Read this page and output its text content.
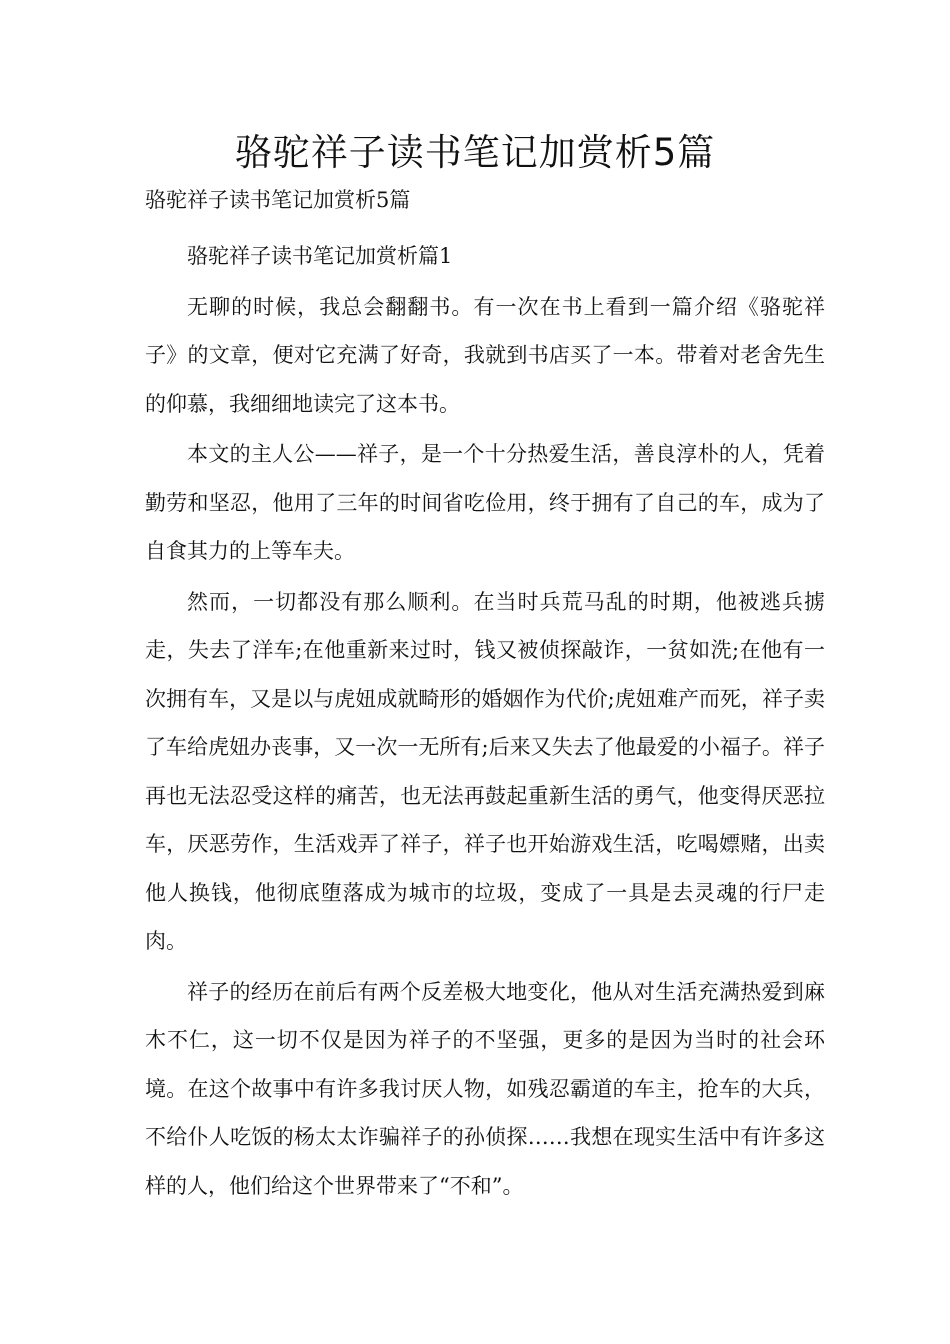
骆驼祥子读书笔记加赏析5篇
骆驼祥子读书笔记加赏析5篇

骆驼祥子读书笔记加赏析篇1

无聊的时候，我总会翻翻书。有一次在书上看到一篇介绍《骆驼祥子》的文章，便对它充满了好奇，我就到书店买了一本。带着对老舍先生的仰慕，我细细地读完了这本书。

本文的主人公——祥子，是一个十分热爱生活，善良淳朴的人，凭着勤劳和坚忍，他用了三年的时间省吃俭用，终于拥有了自己的车，成为了自食其力的上等车夫。

然而，一切都没有那么顺利。在当时兵荒马乱的时期，他被逃兵掳走，失去了洋车;在他重新来过时，钱又被侦探敲诈，一贫如洗;在他有一次拥有车，又是以与虎妞成就畸形的婚姻作为代价;虎妞难产而死，祥子卖了车给虎妞办丧事，又一次一无所有;后来又失去了他最爱的小福子。祥子再也无法忍受这样的痛苦，也无法再鼓起重新生活的勇气，他变得厌恶拉车，厌恶劳作，生活戏弄了祥子，祥子也开始游戏生活，吃喝嫖赌，出卖他人换钱，他彻底堕落成为城市的垃圾，变成了一具是去灵魂的行尸走肉。

祥子的经历在前后有两个反差极大地变化，他从对生活充满热爱到麻木不仁，这一切不仅是因为祥子的不坚强，更多的是因为当时的社会环境。在这个故事中有许多我讨厌人物，如残忍霸道的车主，抢车的大兵，不给仆人吃饭的杨太太诈骗祥子的孙侦探……我想在现实生活中有许多这样的人，他们给这个世界带来了“不和”。
